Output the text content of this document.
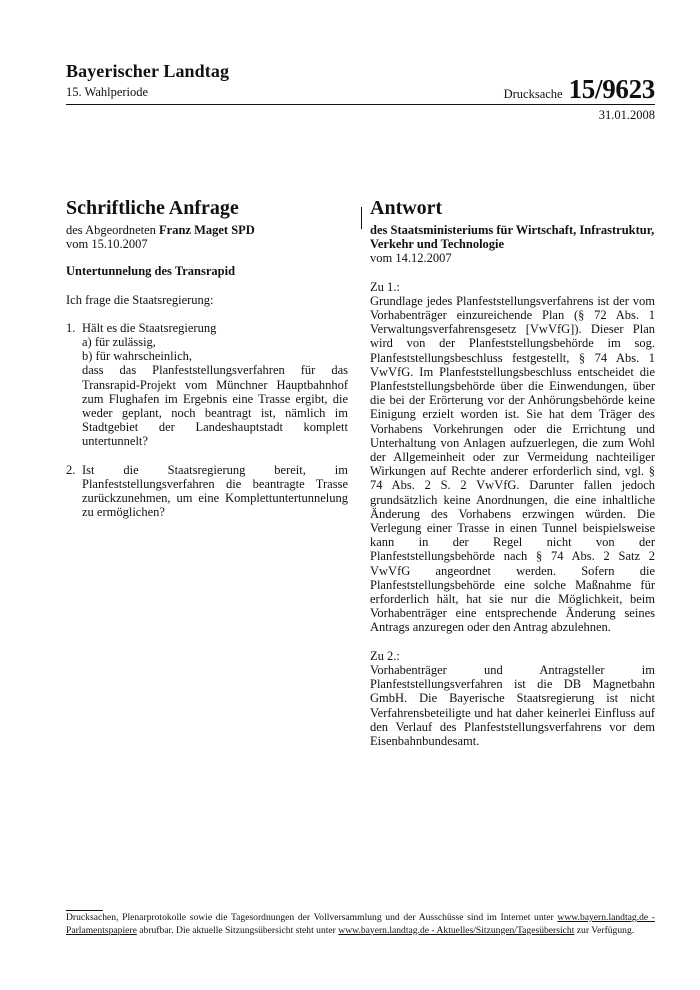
Bayerischer Landtag
15. Wahlperiode	Drucksache 15/9623
31.01.2008
Schriftliche Anfrage
des Abgeordneten Franz Maget SPD
vom 15.10.2007
Untertunnelung des Transrapid
Ich frage die Staatsregierung:
1. Hält es die Staatsregierung
a) für zulässig,
b) für wahrscheinlich,
dass das Planfeststellungsverfahren für das Transrapid-Projekt vom Münchner Hauptbahnhof zum Flughafen im Ergebnis eine Trasse ergibt, die weder geplant, noch beantragt ist, nämlich im Stadtgebiet der Landeshauptstadt komplett untertunnelt?
2. Ist die Staatsregierung bereit, im Planfeststellungsverfahren die beantragte Trasse zurückzunehmen, um eine Komplettuntertunnelung zu ermöglichen?
Antwort
des Staatsministeriums für Wirtschaft, Infrastruktur, Verkehr und Technologie
vom 14.12.2007
Zu 1.:
Grundlage jedes Planfeststellungsverfahrens ist der vom Vorhabenträger einzureichende Plan (§ 72 Abs. 1 Verwaltungsverfahrensgesetz [VwVfG]). Dieser Plan wird von der Planfeststellungsbehörde im sog. Planfeststellungsbeschluss festgestellt, § 74 Abs. 1 VwVfG. Im Planfeststellungsbeschluss entscheidet die Planfeststellungsbehörde über die Einwendungen, über die bei der Erörterung vor der Anhörungsbehörde keine Einigung erzielt worden ist. Sie hat dem Träger des Vorhabens Vorkehrungen oder die Errichtung und Unterhaltung von Anlagen aufzuerlegen, die zum Wohl der Allgemeinheit oder zur Vermeidung nachteiliger Wirkungen auf Rechte anderer erforderlich sind, vgl. § 74 Abs. 2 S. 2 VwVfG. Darunter fallen jedoch grundsätzlich keine Anordnungen, die eine inhaltliche Änderung des Vorhabens erzwingen würden. Die Verlegung einer Trasse in einen Tunnel beispielsweise kann in der Regel nicht von der Planfeststellungsbehörde nach § 74 Abs. 2 Satz 2 VwVfG angeordnet werden. Sofern die Planfeststellungsbehörde eine solche Maßnahme für erforderlich hält, hat sie nur die Möglichkeit, beim Vorhabenträger eine entsprechende Änderung seines Antrags anzuregen oder den Antrag abzulehnen.
Zu 2.:
Vorhabenträger und Antragsteller im Planfeststellungsverfahren ist die DB Magnetbahn GmbH. Die Bayerische Staatsregierung ist nicht Verfahrensbeteiligte und hat daher keinerlei Einfluss auf den Verlauf des Planfeststellungsverfahrens vor dem Eisenbahnbundesamt.
Drucksachen, Plenarprotokolle sowie die Tagesordnungen der Vollversammlung und der Ausschüsse sind im Internet unter www.bayern.landtag.de - Parlamentspapiere abrufbar. Die aktuelle Sitzungsübersicht steht unter www.bayern.landtag.de - Aktuelles/Sitzungen/Tagesübersicht zur Verfügung.
